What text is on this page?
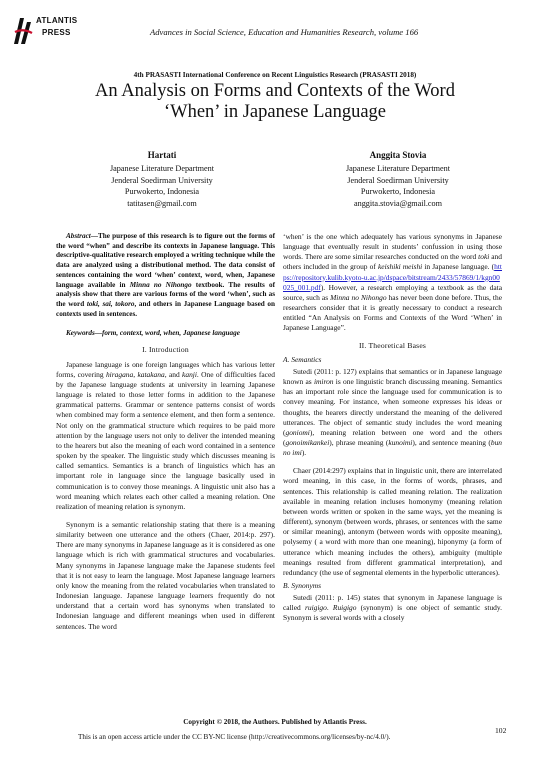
ATLANTIS
PRESS	Advances in Social Science, Education and Humanities Research, volume 166
4th PRASASTI International Conference on Recent Linguistics Research (PRASASTI 2018)
An Analysis on Forms and Contexts of the Word
‘When’ in Japanese Language
Hartati
Japanese Literature Department
Jenderal Soedirman University
Purwokerto, Indonesia
tatitasen@gmail.com
Anggita Stovia
Japanese Literature Department
Jenderal Soedirman University
Purwokerto, Indonesia
anggita.stovia@gmail.com

Abstract—The purpose of this research is to figure out the forms of the word “when” and describe its contexts in Japanese language. This descriptive-qualitative research employed a writing technique while the data are analyzed using a distributional method. The data consist of sentences containing the word ‘when’ context, word, when, Japanese language available in Minna no Nihongo textbook. The results of analysis show that there are various forms of the word ‘when’, such as the word toki, sai, tokoro, and others in Japanese Language based on contexts used in sentences.

Keywords—form, context, word, when, Japanese language

I. Introduction

Japanese language is one foreign languages which has various letter forms, covering hiragana, katakana, and kanji. One of difficulties faced by the Japanese language students at university in learning Japanese language is related to those letter forms in addition to the Japanese grammatical patterns. Grammar or sentence patterns consist of words when combined may form a sentence element, and then form a sentence. Not only on the grammatical structure which requires to be paid more attention by the language users not only to deliver the intended meaning to the hearers but also the meaning of each word contained in a sentence spoken by the speaker. The linguistic study which discusses meaning is called semantics. Semantics is a branch of linguistics which has an important role in language since the language basically used in communication is to convey those meanings. A linguistic unit also has a word meaning which relates each other called a meaning relation. One realization of meaning relation is synonym.

Synonym is a semantic relationship stating that there is a meaning similarity between one utterance and the others (Chaer, 2014:p. 297). There are many synonyms in Japanese language as it is considered as one language which is rich with grammatical structures and vocabularies. Many synonyms in Japanese language make the Japanese students feel that it is not easy to learn the language. Most Japanese language learners only know the meaning from the related vocabularies when translated to Indonesian language. Japanese language learners frequently do not understand that a certain word has synonyms when translated to Indonesian language and different meanings when used in different sentences. The word

‘when’ is the one which adequately has various synonyms in Japanese language that eventually result in students’ confussion in using those words. There are some similar researches conducted on the word toki and others included in the group of keishiki meishi in Japanese language. (https://repository.kulib.kyoto-u.ac.jp/dspace/bitstream/2433/57869/1/kgn00025_001.pdf). However, a research employing a textbook as the data source, such as Minna no Nihongo has never been done before. Thus, the researchers consider that it is greatly necessary to conduct a research entitled “An Analysis on Forms and Contexts of the Word ‘When’ in Japanese Language”.

II. Theoretical Bases

A. Semantics

Sutedi (2011: p. 127) explains that semantics or in Japanese language known as imiron is one linguistic branch discussing meaning. Semantics has an important role since the language used for communication is to convey meaning. For instance, when someone expresses his ideas or thoughts, the hearers directly understand the meaning of the delivered utterances. The object of semantic study includes the word meaning (goniomi), meaning relation between one word and the others (gonoimikankei), phrase meaning (kunoimi), and sentence meaning (bun no imi).

Chaer (2014:297) explains that in linguistic unit, there are interrelated word meaning, in this case, in the forms of words, phrases, and sentences. This relationship is called meaning relation. The realization available in meaning relation incluses homonymy (meaning relation between words written or spoken in the same ways, yet the meaning is different), synonym (between words, phrases, or sentences with the same or similar meaning), antonym (between words with opposite meaning), polysemy ( a word with more than one meaning), hiponymy (a form of utterance which meaning includes the others), ambiguity (multiple meanings resulted from different grammatical interpretation), and redundancy (the use of segmental elements in the hyperbolic utterances).

B. Synonyms

Sutedi (2011: p. 145) states that synonym in Japanese language is called ruigigo. Ruigigo (synonym) is one object of semantic study. Synonym is several words with a closely

Copyright © 2018, the Authors. Published by Atlantis Press.
This is an open access article under the CC BY-NC license (http://creativecommons.org/licenses/by-nc/4.0/).
102
